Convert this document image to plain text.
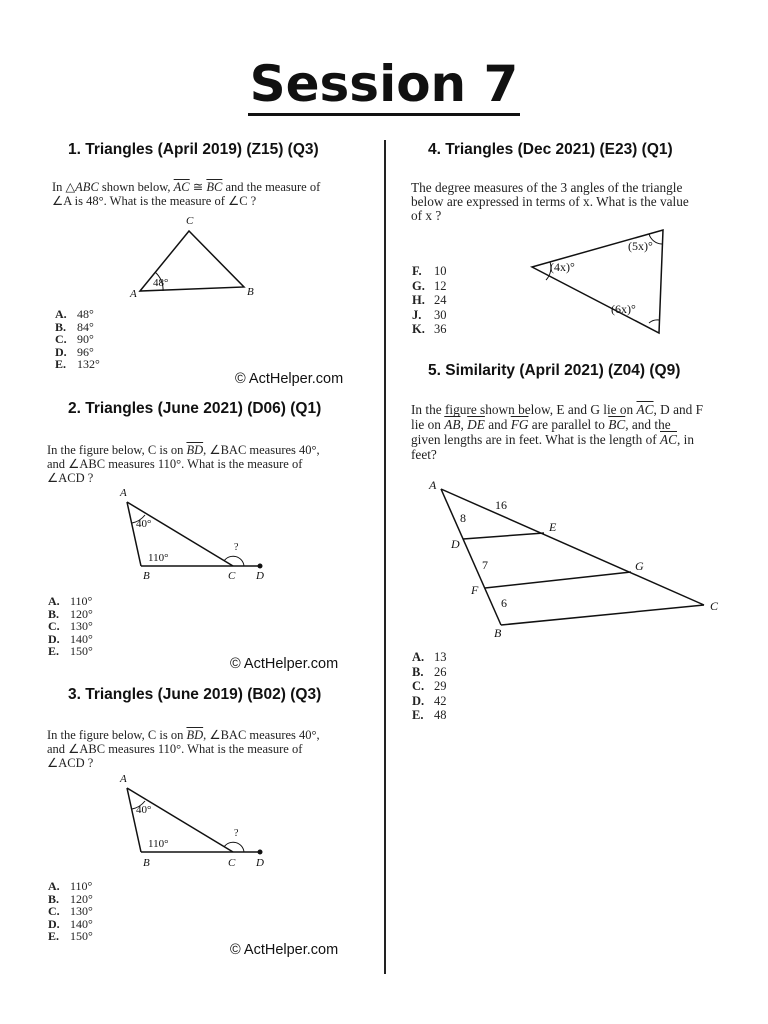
Session 7
1. Triangles (April 2019) (Z15) (Q3)
In △ABC shown below, $\overline{AC}$ ≅ $\overline{BC}$ and the measure of
∠A is 48°. What is the measure of ∠C ?
C
A	B
48°
A. 48°
B. 84°
C. 90°
D. 96°
E. 132°
© ActHelper.com
2. Triangles (June 2021) (D06) (Q1)
In the figure below, C is on $\overline{BD}$, ∠BAC measures 40°,
and ∠ABC measures 110°. What is the measure of
∠ACD ?
A
B	C D
40°
110°
?
A. 110°
B. 120°
C. 130°
D. 140°
E. 150°
© ActHelper.com
3. Triangles (June 2019) (B02) (Q3)
In the figure below, C is on $\overline{BD}$, ∠BAC measures 40°,
and ∠ABC measures 110°. What is the measure of
∠ACD ?
A
B	C D
40°
110°
?
A. 110°
B. 120°
C. 130°
D. 140°
E. 150°
© ActHelper.com
4. Triangles (Dec 2021) (E23) (Q1)
The degree measures of the 3 angles of the triangle
below are expressed in terms of x. What is the value
of x ?
(4x)°
(5x)°
(6x)°
F. 10
G. 12
H. 24
J. 30
K. 36
5. Similarity (April 2021) (Z04) (Q9)
In the figure shown below, E and G lie on $\overline{AC}$, D and F
lie on $\overline{AB}$, $\overline{DE}$ and $\overline{FG}$ are parallel to $\overline{BC}$, and the
given lengths are in feet. What is the length of $\overline{AC}$, in
feet?
A
B
C
D
E
F
G
16
8
7
6
A. 13
B. 26
C. 29
D. 42
E. 48
